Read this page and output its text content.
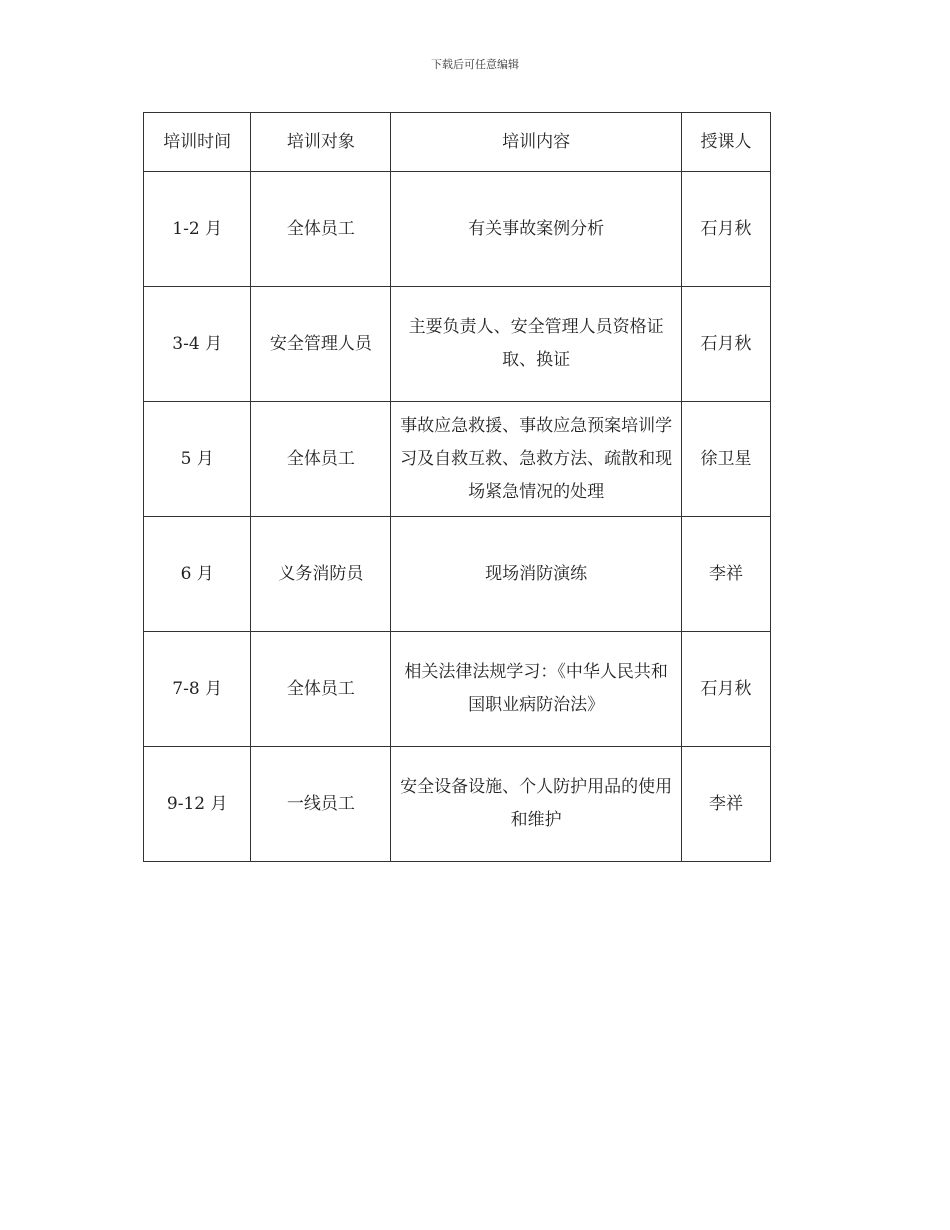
下载后可任意编辑
培训时间	培训对象	培训内容	授课人
1-2 月	全体员工	有关事故案例分析	石月秋
3-4 月	安全管理人员	主要负责人、安全管理人员资格证取、换证	石月秋
5 月	全体员工	事故应急救援、事故应急预案培训学习及自救互救、急救方法、疏散和现场紧急情况的处理	徐卫星
6 月	义务消防员	现场消防演练	李祥
7-8 月	全体员工	相关法律法规学习：《中华人民共和国职业病防治法》	石月秋
9-12 月	一线员工	安全设备设施、个人防护用品的使用和维护	李祥
